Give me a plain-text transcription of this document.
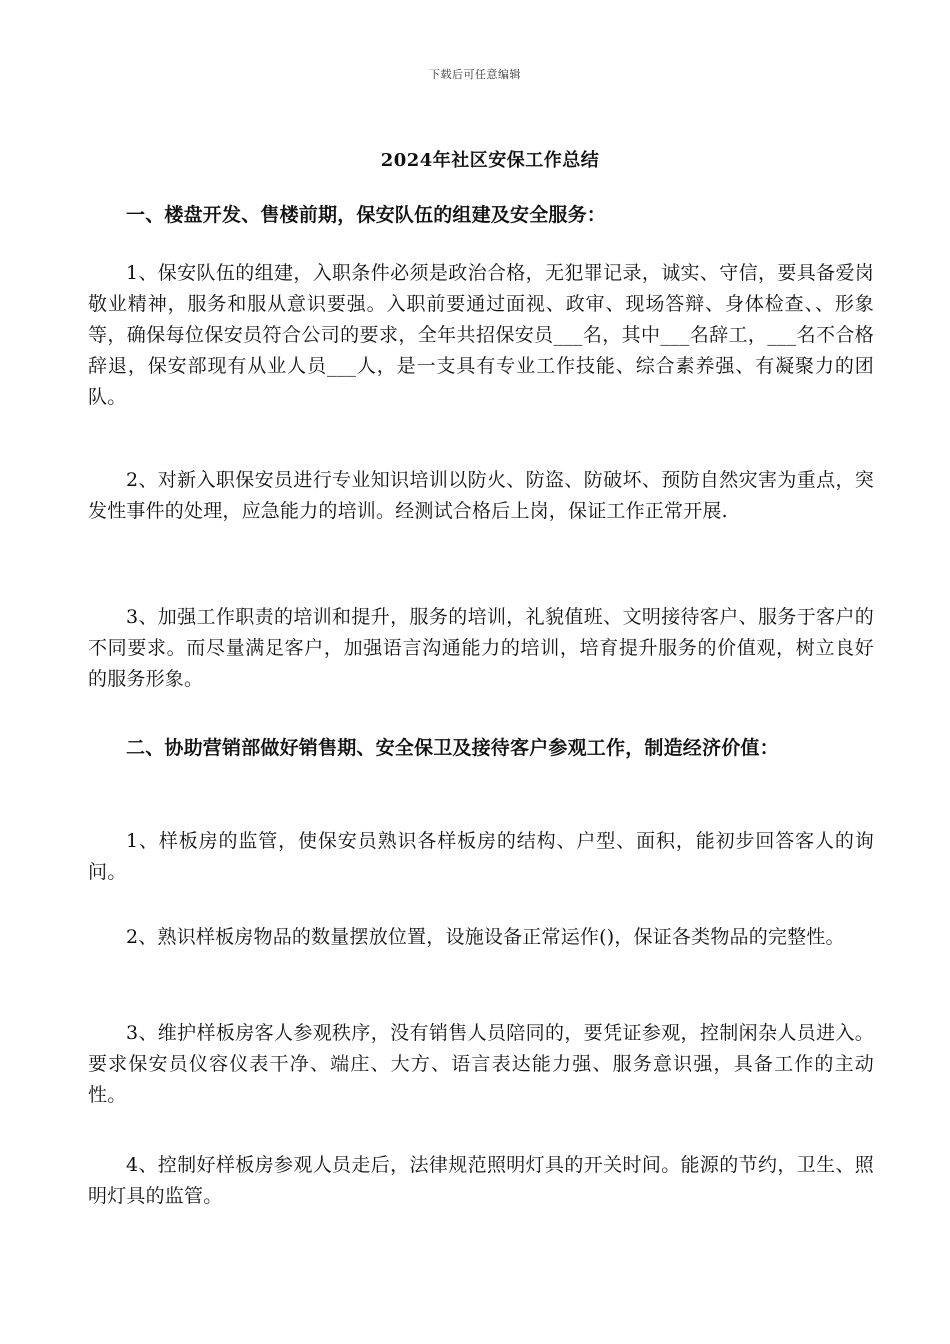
下载后可任意编辑
2024年社区安保工作总结

一、楼盘开发、售楼前期，保安队伍的组建及安全服务：

1、保安队伍的组建，入职条件必须是政治合格，无犯罪记录，诚实、守信，要具备爱岗敬业精神，服务和服从意识要强。入职前要通过面视、政审、现场答辩、身体检查、、形象等，确保每位保安员符合公司的要求，全年共招保安员___名，其中___名辞工，___名不合格辞退，保安部现有从业人员___人，是一支具有专业工作技能、综合素养强、有凝聚力的团队。

2、对新入职保安员进行专业知识培训以防火、防盗、防破坏、预防自然灾害为重点，突发性事件的处理，应急能力的培训。经测试合格后上岗，保证工作正常开展.

3、加强工作职责的培训和提升，服务的培训，礼貌值班、文明接待客户、服务于客户的不同要求。而尽量满足客户，加强语言沟通能力的培训，培育提升服务的价值观，树立良好的服务形象。

二、协助营销部做好销售期、安全保卫及接待客户参观工作，制造经济价值：

1、样板房的监管，使保安员熟识各样板房的结构、户型、面积，能初步回答客人的询问。

2、熟识样板房物品的数量摆放位置，设施设备正常运作()，保证各类物品的完整性。

3、维护样板房客人参观秩序，没有销售人员陪同的，要凭证参观，控制闲杂人员进入。要求保安员仪容仪表干净、端庄、大方、语言表达能力强、服务意识强，具备工作的主动性。

4、控制好样板房参观人员走后，法律规范照明灯具的开关时间。能源的节约，卫生、照明灯具的监管。
